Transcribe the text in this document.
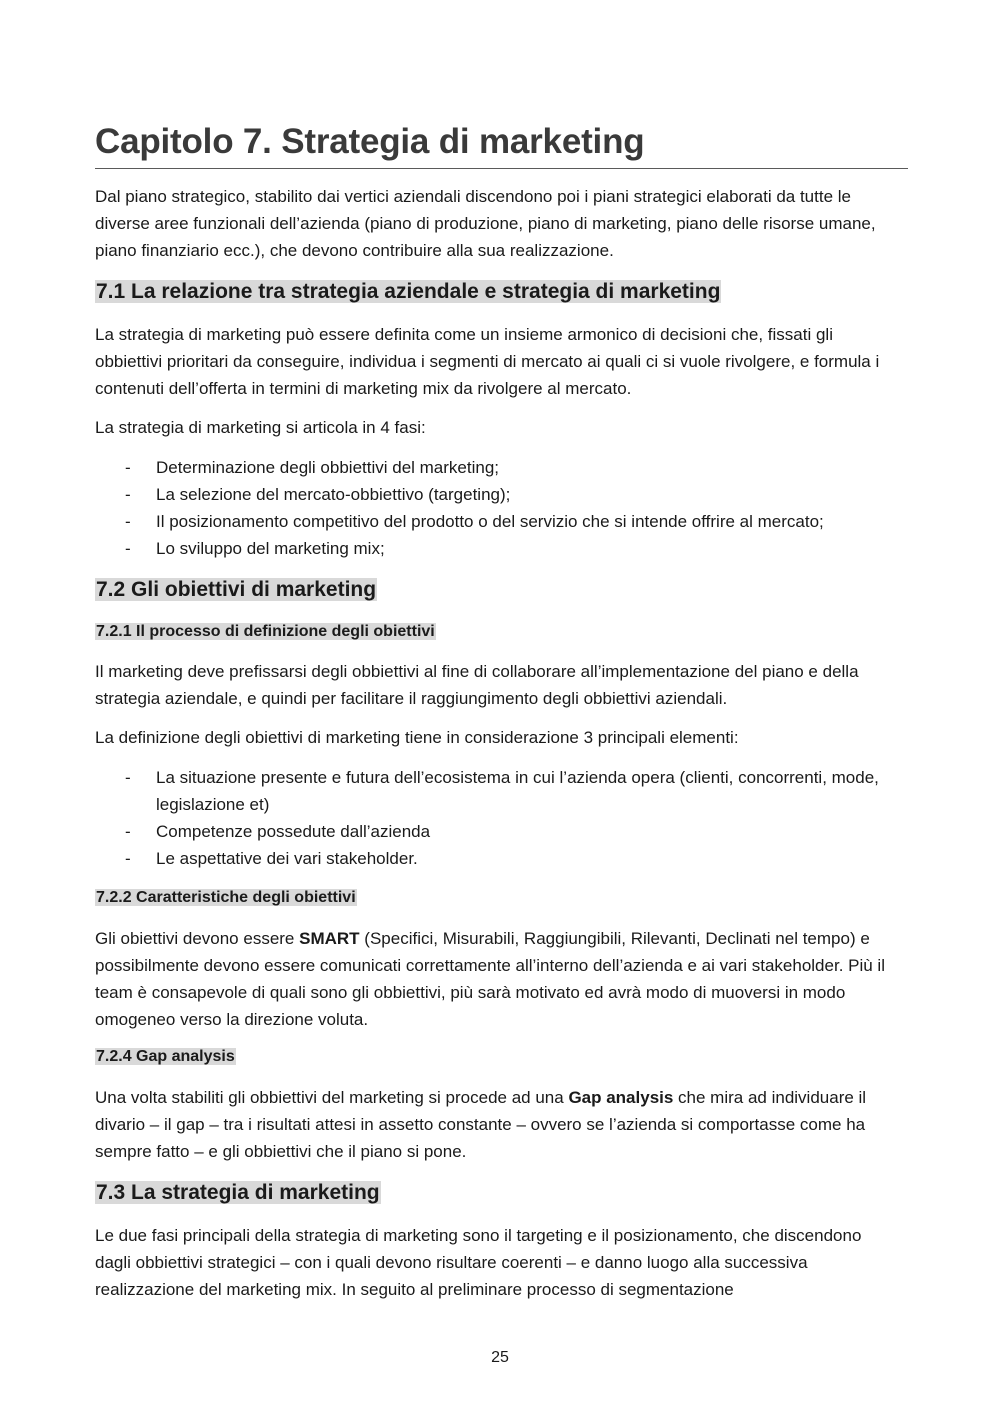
Capitolo 7. Strategia di marketing

Dal piano strategico, stabilito dai vertici aziendali discendono poi i piani strategici elaborati da tutte le diverse aree funzionali dell’azienda (piano di produzione, piano di marketing, piano delle risorse umane, piano finanziario ecc.), che devono contribuire alla sua realizzazione.

7.1 La relazione tra strategia aziendale e strategia di marketing

La strategia di marketing può essere definita come un insieme armonico di decisioni che, fissati gli obbiettivi prioritari da conseguire, individua i segmenti di mercato ai quali ci si vuole rivolgere, e formula i contenuti dell’offerta in termini di marketing mix da rivolgere al mercato.

La strategia di marketing si articola in 4 fasi:

- Determinazione degli obbiettivi del marketing;
- La selezione del mercato-obbiettivo (targeting);
- Il posizionamento competitivo del prodotto o del servizio che si intende offrire al mercato;
- Lo sviluppo del marketing mix;
7.2 Gli obiettivi di marketing
7.2.1 Il processo di definizione degli obiettivi

Il marketing deve prefissarsi degli obbiettivi al fine di collaborare all’implementazione del piano e della strategia aziendale, e quindi per facilitare il raggiungimento degli obbiettivi aziendali.

La definizione degli obiettivi di marketing tiene in considerazione 3 principali elementi:

- La situazione presente e futura dell’ecosistema in cui l’azienda opera (clienti, concorrenti, mode, legislazione et)
- Competenze possedute dall’azienda
- Le aspettative dei vari stakeholder.
7.2.2 Caratteristiche degli obiettivi

Gli obiettivi devono essere SMART (Specifici, Misurabili, Raggiungibili, Rilevanti, Declinati nel tempo) e possibilmente devono essere comunicati correttamente all’interno dell’azienda e ai vari stakeholder. Più il team è consapevole di quali sono gli obbiettivi, più sarà motivato ed avrà modo di muoversi in modo omogeneo verso la direzione voluta.

7.2.4 Gap analysis

Una volta stabiliti gli obbiettivi del marketing si procede ad una Gap analysis che mira ad individuare il divario – il gap – tra i risultati attesi in assetto constante – ovvero se l’azienda si comportasse come ha sempre fatto – e gli obbiettivi che il piano si pone.

7.3 La strategia di marketing

Le due fasi principali della strategia di marketing sono il targeting e il posizionamento, che discendono dagli obbiettivi strategici – con i quali devono risultare coerenti – e danno luogo alla successiva realizzazione del marketing mix. In seguito al preliminare processo di segmentazione

25
